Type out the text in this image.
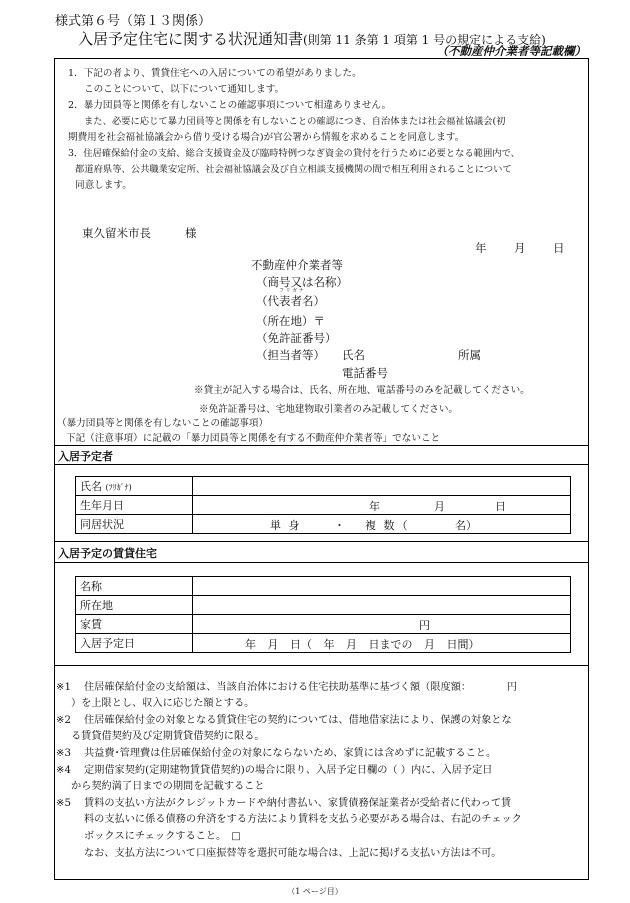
様式第６号（第１３関係）
入居予定住宅に関する状況通知書(則第 11 条第 1 項第 1 号の規定による支給)
（不動産仲介業者等記載欄）
1．下記の者より、賃貸住宅への入居についての希望がありました。
このことについて、以下について通知します。
2．暴力団員等と関係を有しないことの確認事項について相違ありません。
また、必要に応じて暴力団員等と関係を有しないことの確認につき、自治体または社会福祉協議会(初
期費用を社会福祉協議会から借り受ける場合)が官公署から情報を求めることを同意します。
3．住居確保給付金の支給、総合支援資金及び臨時特例つなぎ資金の貸付を行うために必要となる範囲内で、
都道府県等、公共職業安定所、社会福祉協議会及び自立相談支援機関の間で相互利用されることについて
同意します。
東久留米市長	様
年 月 日
不動産仲介業者等
（商号又は名称）
フ リ ガ ナ
（代表者名）
（所在地）〒
（免許証番号）
（担当者等） 氏名	所属
電話番号
※貸主が記入する場合は、氏名、所在地、電話番号のみを記載してください。
※免許証番号は、宅地建物取引業者のみ記載してください。
（暴力団員等と関係を有しないことの確認事項）
下記（注意事項）に記載の「暴力団員等と関係を有する不動産仲介業者等」でないこと
入居予定者
氏名 (ﾌﾘｶﾞﾅ)	
生年月日	年 月 日

同居状況	単 身 ・ 複 数（ 名）
入居予定の賃貸住宅
名称	
所在地	
家賃	円

入居予定日	年 月 日（ 年 月 日までの 月 日間）
※1 住居確保給付金の支給額は、当該自治体における住宅扶助基準に基づく額（限度額：　　　　円
）を上限とし、収入に応じた額とする。
※2 住居確保給付金の対象となる賃貸住宅の契約については、借地借家法により、保護の対象とな
る賃貸借契約及び定期賃貸借契約に限る。
※3 共益費･管理費は住居確保給付金の対象にならないため、家賃には含めずに記載すること。
※4 定期借家契約(定期建物賃貸借契約)の場合に限り、入居予定日欄の（ ）内に、入居予定日
から契約満了日までの期間を記載すること
※5 賃料の支払い方法がクレジットカードや納付書払い、家賃債務保証業者が受給者に代わって賃
料の支払いに係る債務の弁済をする方法により賃料を支払う必要がある場合は、右記のチェック
ボックスにチェックすること。　□
なお、支払方法について口座振替等を選択可能な場合は、上記に掲げる支払い方法は不可。
（1 ページ目）
